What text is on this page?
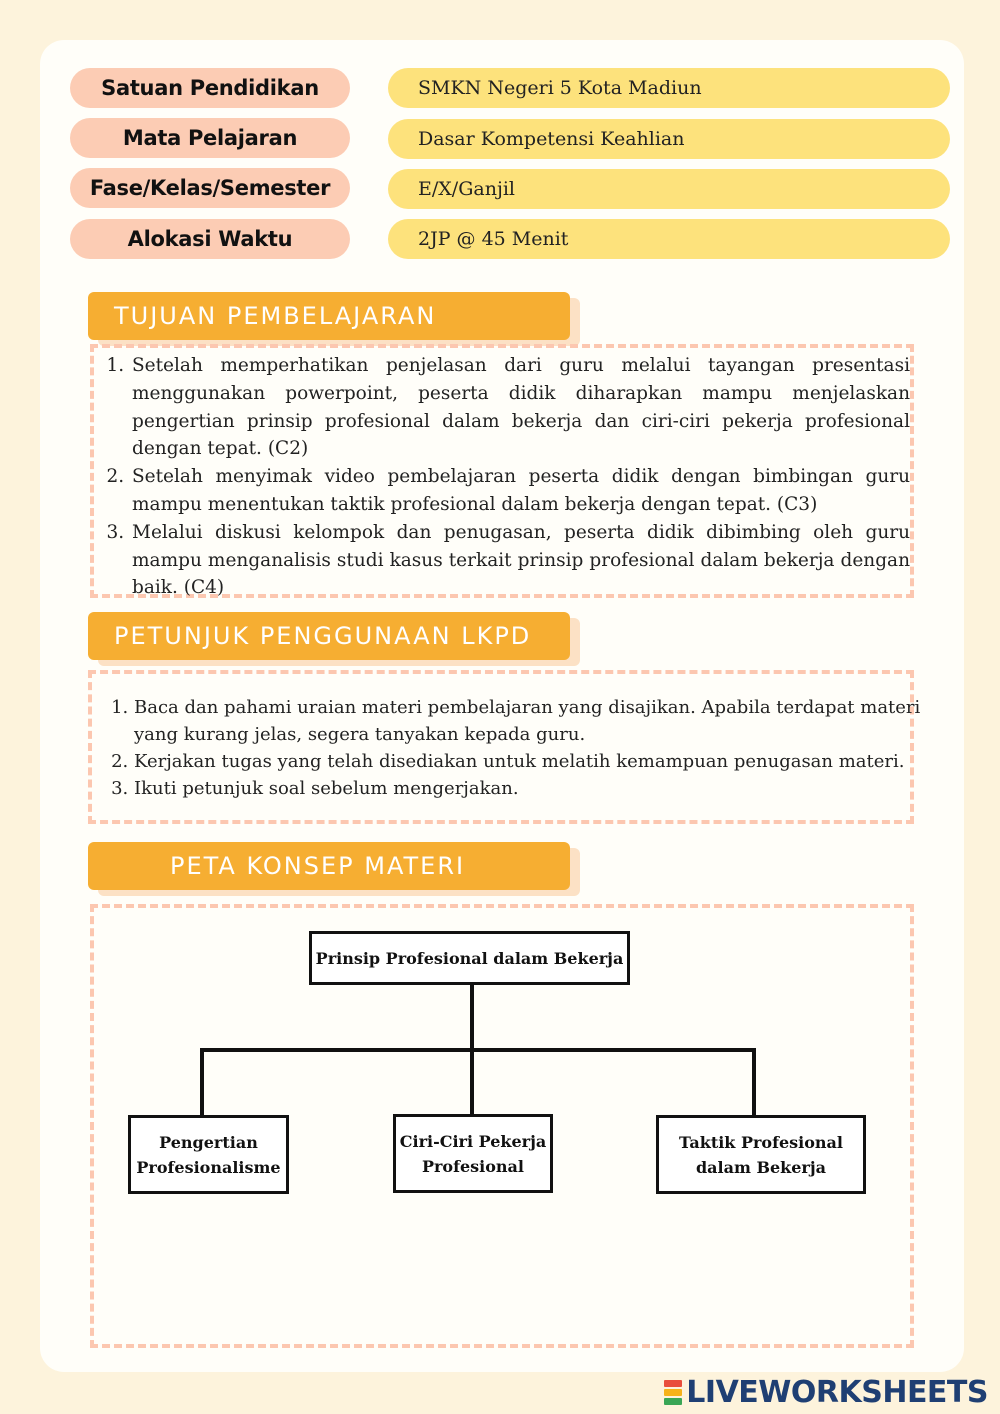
Satuan Pendidikan	SMKN Negeri 5 Kota Madiun
Mata Pelajaran	Dasar Kompetensi Keahlian
Fase/Kelas/Semester	E/X/Ganjil
Alokasi Waktu	2JP @ 45 Menit
TUJUAN PEMBELAJARAN
1. Setelah memperhatikan penjelasan dari guru melalui tayangan presentasi menggunakan powerpoint, peserta didik diharapkan mampu menjelaskan pengertian prinsip profesional dalam bekerja dan ciri-ciri pekerja profesional dengan tepat. (C2)
2. Setelah menyimak video pembelajaran peserta didik dengan bimbingan guru mampu menentukan taktik profesional dalam bekerja dengan tepat. (C3)
3. Melalui diskusi kelompok dan penugasan, peserta didik dibimbing oleh guru mampu menganalisis studi kasus terkait prinsip profesional dalam bekerja dengan baik. (C4)
PETUNJUK PENGGUNAAN LKPD
1. Baca dan pahami uraian materi pembelajaran yang disajikan. Apabila terdapat materi yang kurang jelas, segera tanyakan kepada guru.
2. Kerjakan tugas yang telah disediakan untuk melatih kemampuan penugasan materi.
3. Ikuti petunjuk soal sebelum mengerjakan.
PETA KONSEP MATERI
Prinsip Profesional dalam Bekerja
Pengertian
Profesionalisme
Ciri-Ciri Pekerja
Profesional
Taktik Profesional
dalam Bekerja
LIVEWORKSHEETS
